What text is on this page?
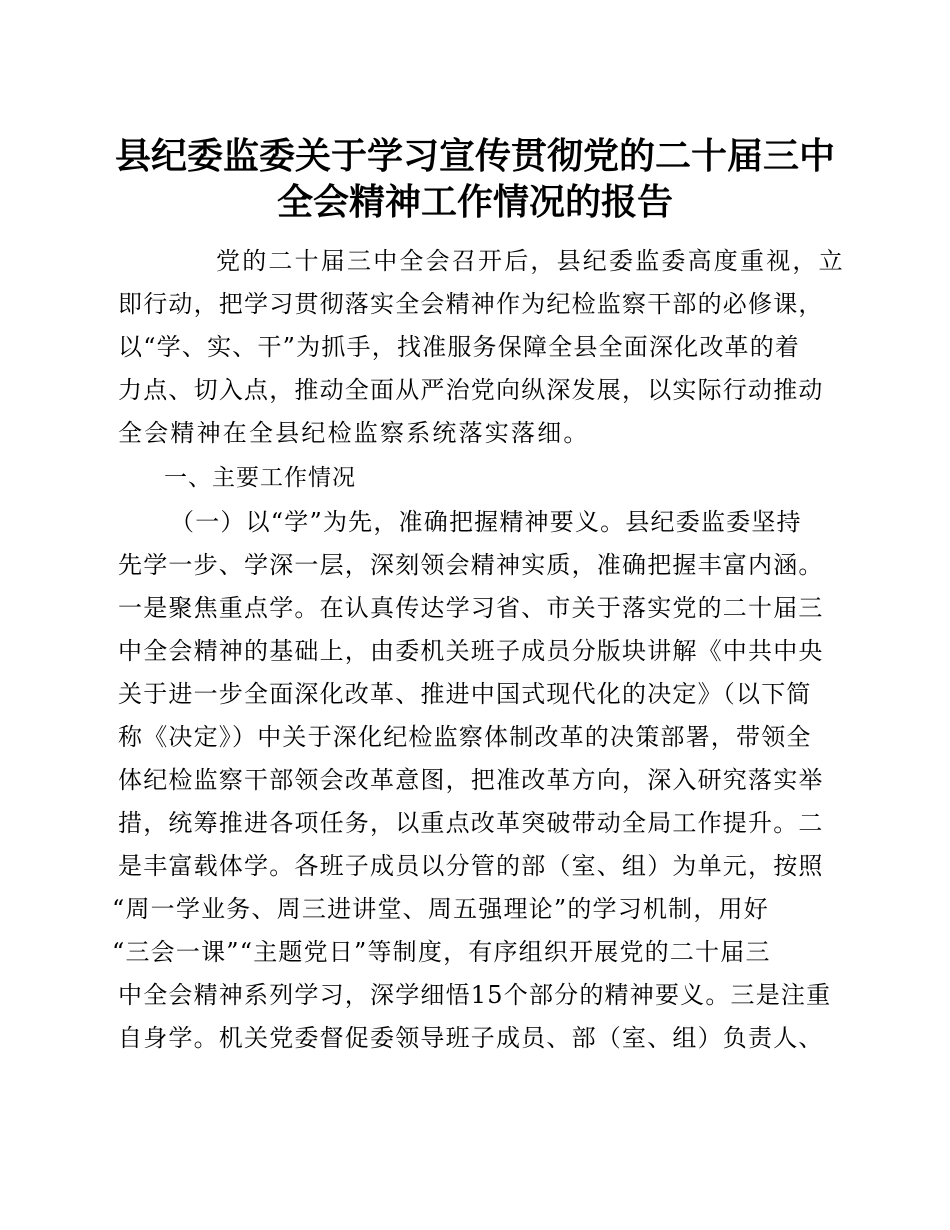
县纪委监委关于学习宣传贯彻党的二十届三中
全会精神工作情况的报告

党的二十届三中全会召开后，县纪委监委高度重视，立

即行动，把学习贯彻落实全会精神作为纪检监察干部的必修课，

以“学、实、干”为抓手，找准服务保障全县全面深化改革的着

力点、切入点，推动全面从严治党向纵深发展，以实际行动推动

全会精神在全县纪检监察系统落实落细。

一、主要工作情况

（一）以“学”为先，准确把握精神要义。县纪委监委坚持

先学一步、学深一层，深刻领会精神实质，准确把握丰富内涵。

一是聚焦重点学。在认真传达学习省、市关于落实党的二十届三

中全会精神的基础上，由委机关班子成员分版块讲解《中共中央

关于进一步全面深化改革、推进中国式现代化的决定》（以下简

称《决定》）中关于深化纪检监察体制改革的决策部署，带领全

体纪检监察干部领会改革意图，把准改革方向，深入研究落实举

措，统筹推进各项任务，以重点改革突破带动全局工作提升。二

是丰富载体学。各班子成员以分管的部（室、组）为单元，按照

“周一学业务、周三进讲堂、周五强理论”的学习机制，用好

“三会一课”“主题党日”等制度，有序组织开展党的二十届三

中全会精神系列学习，深学细悟15个部分的精神要义。三是注重

自身学。机关党委督促委领导班子成员、部（室、组）负责人、
